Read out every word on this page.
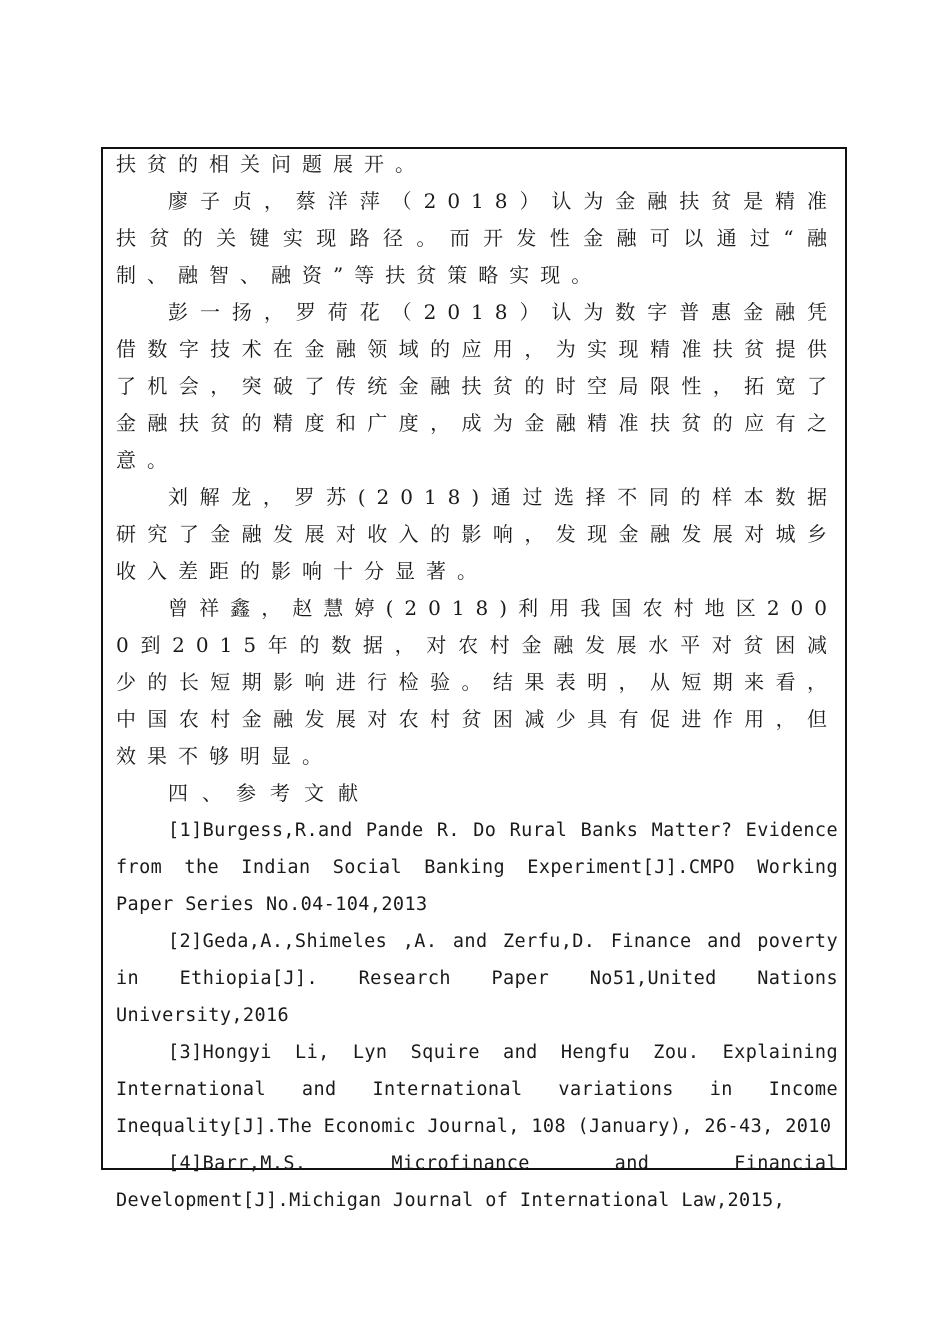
扶贫的相关问题展开。

廖子贞，蔡洋萍（2018）认为金融扶贫是精准扶贫的关键实现路径。而开发性金融可以通过“融制、融智、融资”等扶贫策略实现。

彭一扬，罗荷花（2018）认为数字普惠金融凭借数字技术在金融领域的应用，为实现精准扶贫提供了机会，突破了传统金融扶贫的时空局限性，拓宽了金融扶贫的精度和广度，成为金融精准扶贫的应有之意。

刘解龙，罗苏(2018)通过选择不同的样本数据研究了金融发展对收入的影响，发现金融发展对城乡收入差距的影响十分显著。

曾祥鑫，赵慧婷(2018)利用我国农村地区2000到2015年的数据，对农村金融发展水平对贫困减少的长短期影响进行检验。结果表明，从短期来看，中国农村金融发展对农村贫困减少具有促进作用，但效果不够明显。

四、参考文献

[1]Burgess,R.and Pande R. Do Rural Banks Matter? Evidence from the Indian Social Banking Experiment[J].CMPO Working Paper Series No.04-104,2013

[2]Geda,A.,Shimeles ,A. and Zerfu,D. Finance and poverty in Ethiopia[J]. Research Paper No51,United Nations University,2016

[3]Hongyi Li, Lyn Squire and Hengfu Zou. Explaining International and International variations in Income Inequality[J].The Economic Journal, 108 (January), 26-43, 2010

[4]Barr,M.S. Microfinance and Financial Development[J].Michigan Journal of International Law,2015,
